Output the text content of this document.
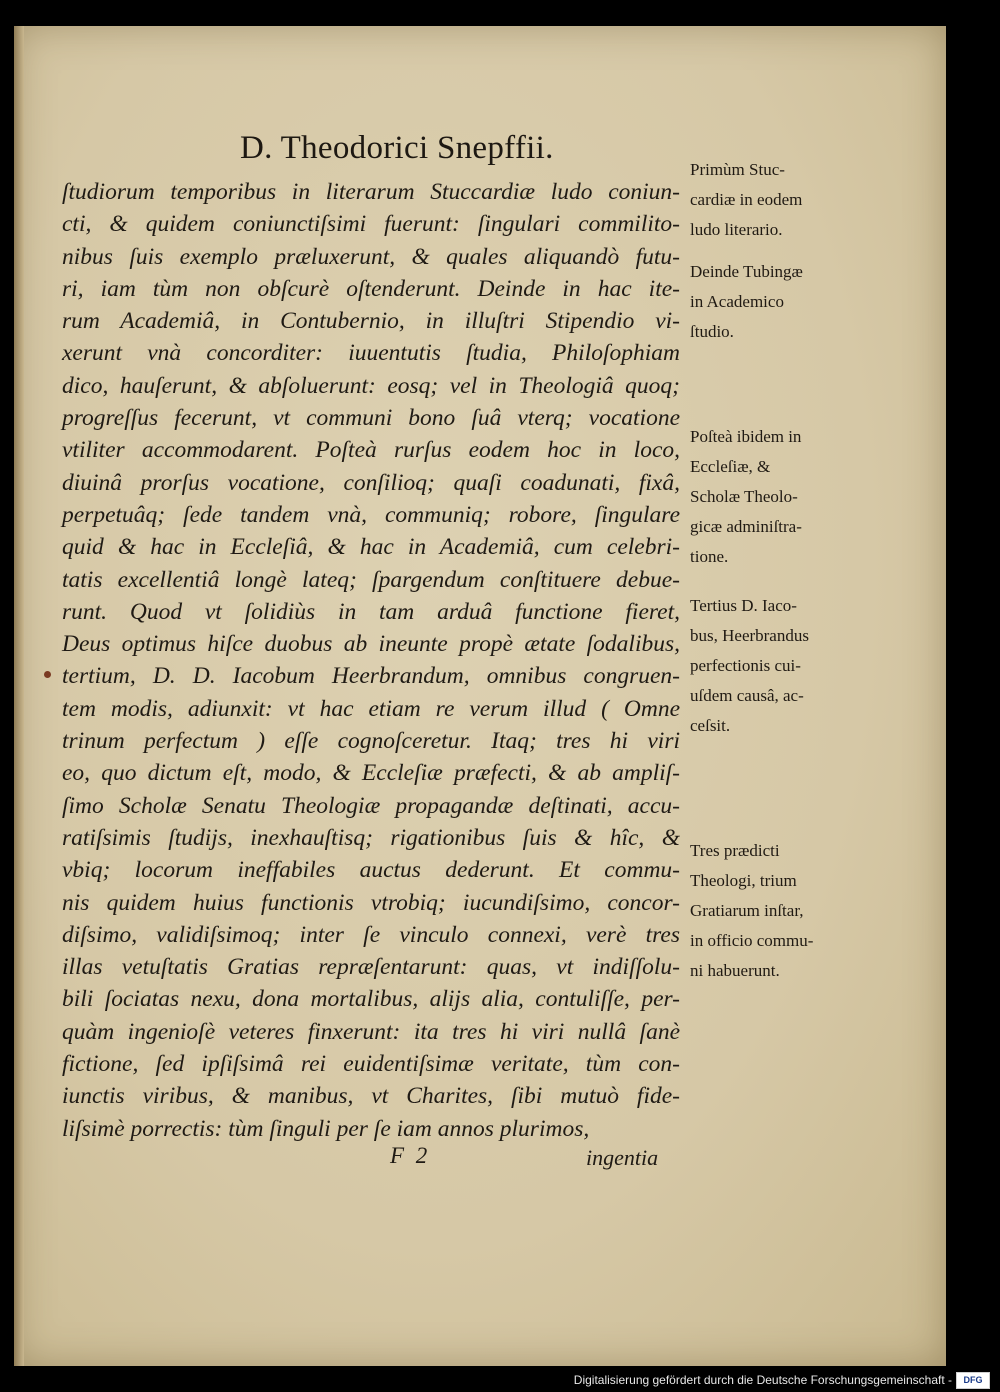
D. Theodorici Snepffii.
ſtudiorum temporibus in literarum Stuccardiæ ludo coniun-
cti, & quidem coniunctiſsimi fuerunt: ſingulari commilito-
nibus ſuis exemplo præluxerunt, & quales aliquandò futu-
ri, iam tùm non obſcurè oſtenderunt. Deinde in hac ite-
rum Academiâ, in Contubernio, in illuſtri Stipendio vi-
xerunt vnà concorditer: iuuentutis ſtudia, Philoſophiam
dico, hauſerunt, & abſoluerunt: eosq; vel in Theologiâ quoq;
progreſſus fecerunt, vt communi bono ſuâ vterq; vocatione
vtiliter accommodarent. Poſteà rurſus eodem hoc in loco,
diuinâ prorſus vocatione, conſilioq; quaſi coadunati, fixâ,
perpetuâq; ſede tandem vnà, communiq; robore, ſingulare
quid & hac in Eccleſiâ, & hac in Academiâ, cum celebri-
tatis excellentiâ longè lateq; ſpargendum conſtituere debue-
runt. Quod vt ſolidiùs in tam arduâ functione fieret,
Deus optimus hiſce duobus ab ineunte propè ætate ſodalibus,
tertium, D. D. Iacobum Heerbrandum, omnibus congruen-
tem modis, adiunxit: vt hac etiam re verum illud ( Omne
trinum perfectum ) eſſe cognoſceretur. Itaq; tres hi viri
eo, quo dictum eſt, modo, & Eccleſiæ præfecti, & ab ampliſ-
ſimo Scholæ Senatu Theologiæ propagandæ deſtinati, accu-
ratiſsimis ſtudijs, inexhauſtisq; rigationibus ſuis & hîc, &
vbiq; locorum ineffabiles auctus dederunt. Et commu-
nis quidem huius functionis vtrobiq; iucundiſsimo, concor-
diſsimo, validiſsimoq; inter ſe vinculo connexi, verè tres
illas vetuſtatis Gratias repræſentarunt: quas, vt indiſſolu-
bili ſociatas nexu, dona mortalibus, alijs alia, contuliſſe, per-
quàm ingenioſè veteres finxerunt: ita tres hi viri nullâ ſanè
fictione, ſed ipſiſsimâ rei euidentiſsimæ veritate, tùm con-
iunctis viribus, & manibus, vt Charites, ſibi mutuò fide-
liſsimè porrectis: tùm ſinguli per ſe iam annos plurimos,
Primùm Stuc-
cardiæ in eodem
ludo literario.
Deinde Tubingæ
in Academico
ſtudio.
Poſteà ibidem in
Eccleſiæ, &
Scholæ Theolo-
gicæ adminiſtra-
tione.
Tertius D. Iaco-
bus, Heerbrandus
perfectionis cui-
uſdem causâ, ac-
ceſsit.
Tres prædicti
Theologi, trium
Gratiarum inſtar,
in officio commu-
ni habuerunt.
F 2	ingentia
Digitalisierung gefördert durch die Deutsche Forschungsgemeinschaft -	DFG
